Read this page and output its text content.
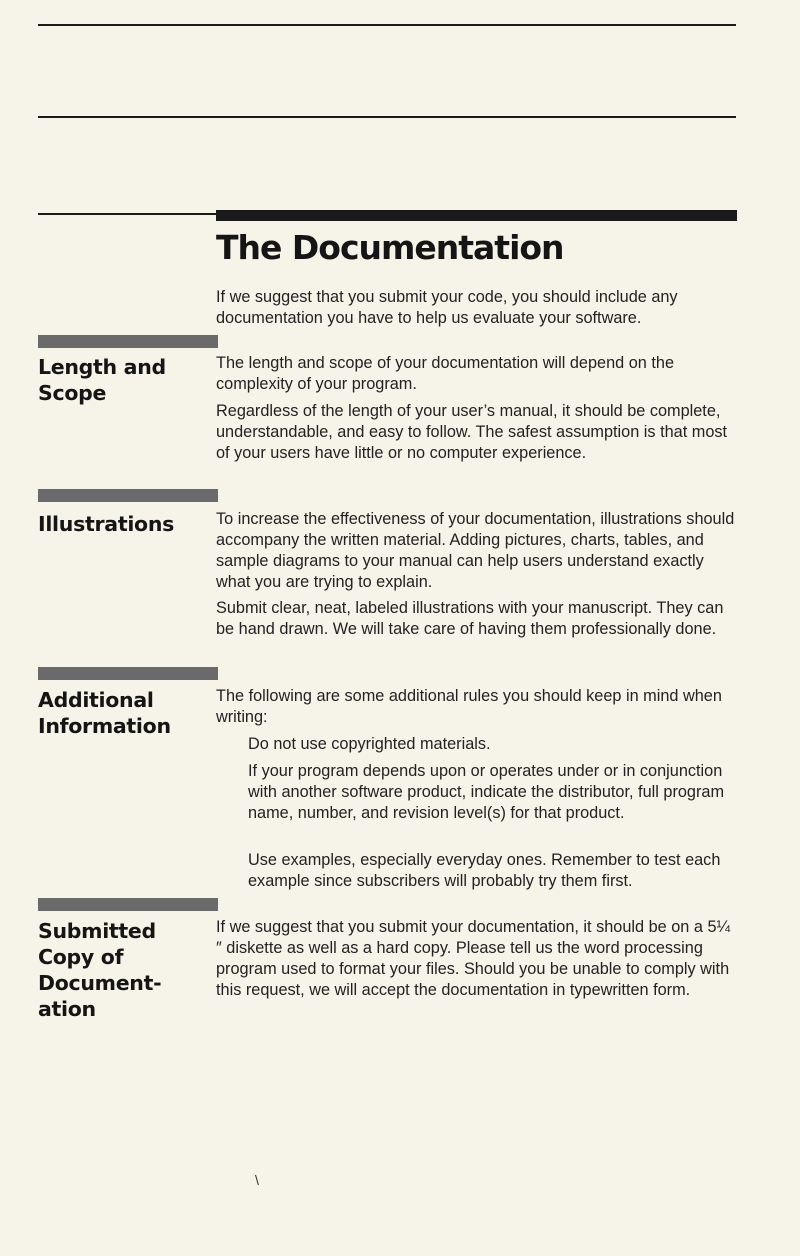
The Documentation

If we suggest that you submit your code, you should include any documentation you have to help us evaluate your software.

Length and
Scope

The length and scope of your documentation will depend on the complexity of your program.

Regardless of the length of your user’s manual, it should be complete, understandable, and easy to follow. The safest assumption is that most of your users have little or no computer experience.

Illustrations	To increase the effectiveness of your documentation, illustrations should accompany the written material. Adding pictures, charts, tables, and sample diagrams to your manual can help users understand exactly what you are trying to explain.

Submit clear, neat, labeled illustrations with your manuscript. They can be hand drawn. We will take care of having them professionally done.

Additional
Information

The following are some additional rules you should keep in mind when writing:

Do not use copyrighted materials.

If your program depends upon or operates under or in conjunction with another software product, indicate the distributor, full program name, number, and revision level(s) for that product.

Use examples, especially everyday ones. Remember to test each example since subscribers will probably try them first.

Submitted
Copy of
Document-
ation

If we suggest that you submit your documentation, it should be on a 5¼ ″ diskette as well as a hard copy. Please tell us the word processing program used to format your files. Should you be unable to comply with this request, we will accept the documentation in typewritten form.

\
